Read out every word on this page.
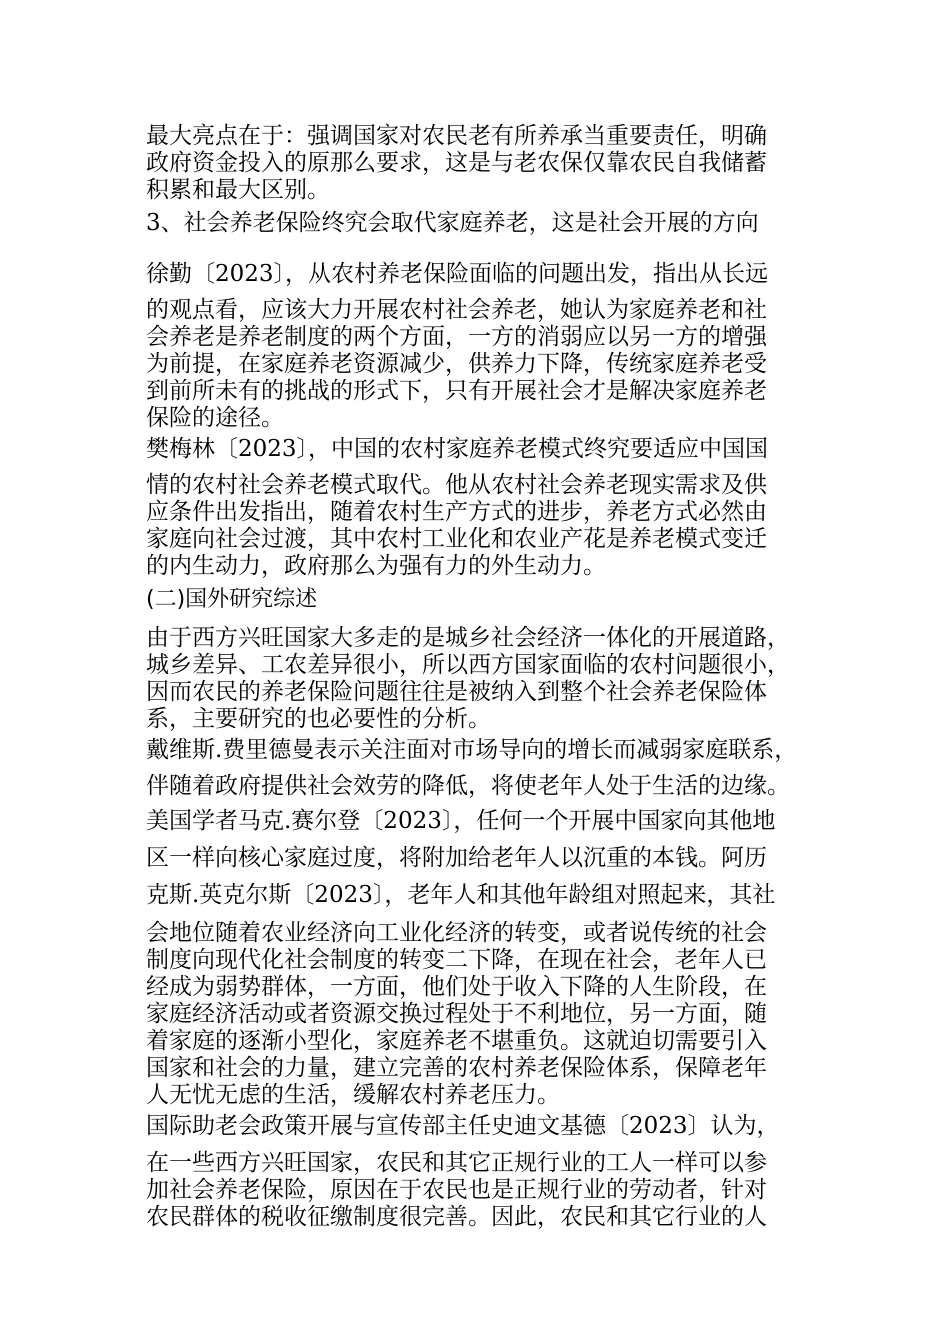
最大亮点在于：强调国家对农民老有所养承当重要责任，明确

政府资金投入的原那么要求，这是与老农保仅靠农民自我储蓄

积累和最大区别。

3、社会养老保险终究会取代家庭养老，这是社会开展的方向

徐勤〔2023〕，从农村养老保险面临的问题出发，指出从长远

的观点看，应该大力开展农村社会养老，她认为家庭养老和社

会养老是养老制度的两个方面，一方的消弱应以另一方的增强

为前提，在家庭养老资源减少，供养力下降，传统家庭养老受

到前所未有的挑战的形式下，只有开展社会才是解决家庭养老

保险的途径。

樊梅林〔2023〕，中国的农村家庭养老模式终究要适应中国国

情的农村社会养老模式取代。他从农村社会养老现实需求及供

应条件出发指出，随着农村生产方式的进步，养老方式必然由

家庭向社会过渡，其中农村工业化和农业产花是养老模式变迁

的内生动力，政府那么为强有力的外生动力。

(二)国外研究综述

由于西方兴旺国家大多走的是城乡社会经济一体化的开展道路，

城乡差异、工农差异很小，所以西方国家面临的农村问题很小，

因而农民的养老保险问题往往是被纳入到整个社会养老保险体

系，主要研究的也必要性的分析。

戴维斯.费里德曼表示关注面对市场导向的增长而减弱家庭联系，

伴随着政府提供社会效劳的降低，将使老年人处于生活的边缘。

美国学者马克.赛尔登〔2023〕，任何一个开展中国家向其他地

区一样向核心家庭过度，将附加给老年人以沉重的本钱。阿历

克斯.英克尔斯〔2023〕，老年人和其他年龄组对照起来，其社

会地位随着农业经济向工业化经济的转变，或者说传统的社会

制度向现代化社会制度的转变二下降，在现在社会，老年人已

经成为弱势群体，一方面，他们处于收入下降的人生阶段，在

家庭经济活动或者资源交换过程处于不利地位，另一方面，随

着家庭的逐渐小型化，家庭养老不堪重负。这就迫切需要引入

国家和社会的力量，建立完善的农村养老保险体系，保障老年

人无忧无虑的生活，缓解农村养老压力。

国际助老会政策开展与宣传部主任史迪文基德〔2023〕认为，

在一些西方兴旺国家，农民和其它正规行业的工人一样可以参

加社会养老保险，原因在于农民也是正规行业的劳动者，针对

农民群体的税收征缴制度很完善。因此，农民和其它行业的人
